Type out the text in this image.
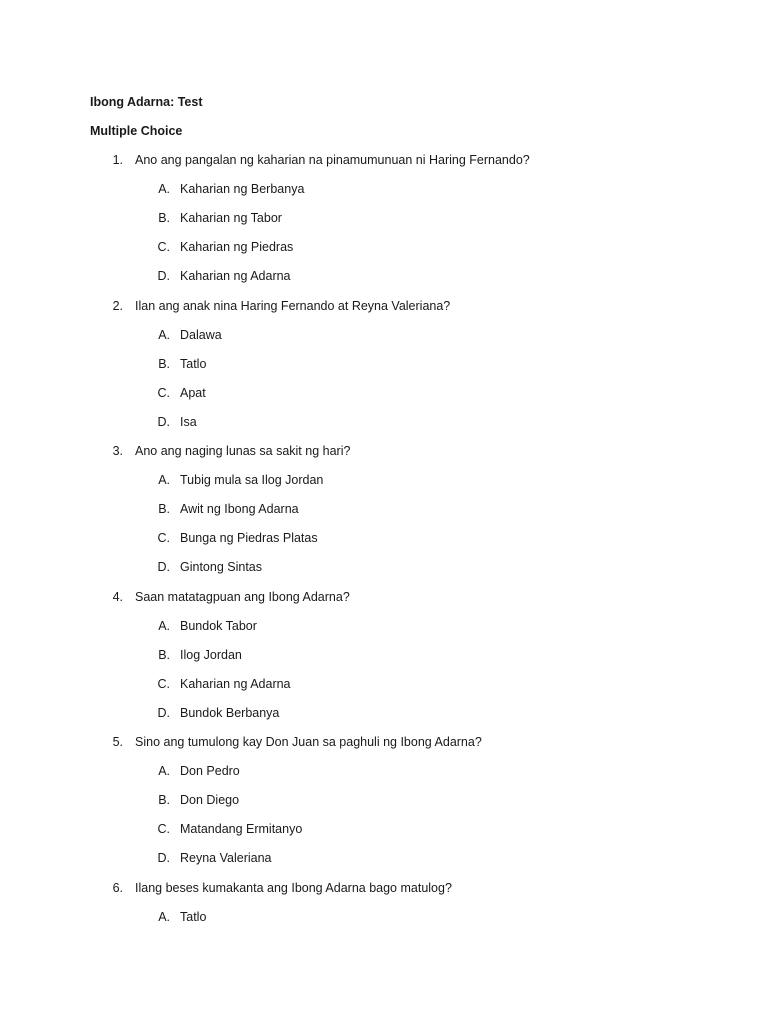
Ibong Adarna: Test
Multiple Choice
1. Ano ang pangalan ng kaharian na pinamumunuan ni Haring Fernando?
A. Kaharian ng Berbanya
B. Kaharian ng Tabor
C. Kaharian ng Piedras
D. Kaharian ng Adarna
2. Ilan ang anak nina Haring Fernando at Reyna Valeriana?
A. Dalawa
B. Tatlo
C. Apat
D. Isa
3. Ano ang naging lunas sa sakit ng hari?
A. Tubig mula sa Ilog Jordan
B. Awit ng Ibong Adarna
C. Bunga ng Piedras Platas
D. Gintong Sintas
4. Saan matatagpuan ang Ibong Adarna?
A. Bundok Tabor
B. Ilog Jordan
C. Kaharian ng Adarna
D. Bundok Berbanya
5. Sino ang tumulong kay Don Juan sa paghuli ng Ibong Adarna?
A. Don Pedro
B. Don Diego
C. Matandang Ermitanyo
D. Reyna Valeriana
6. Ilang beses kumakanta ang Ibong Adarna bago matulog?
A. Tatlo
